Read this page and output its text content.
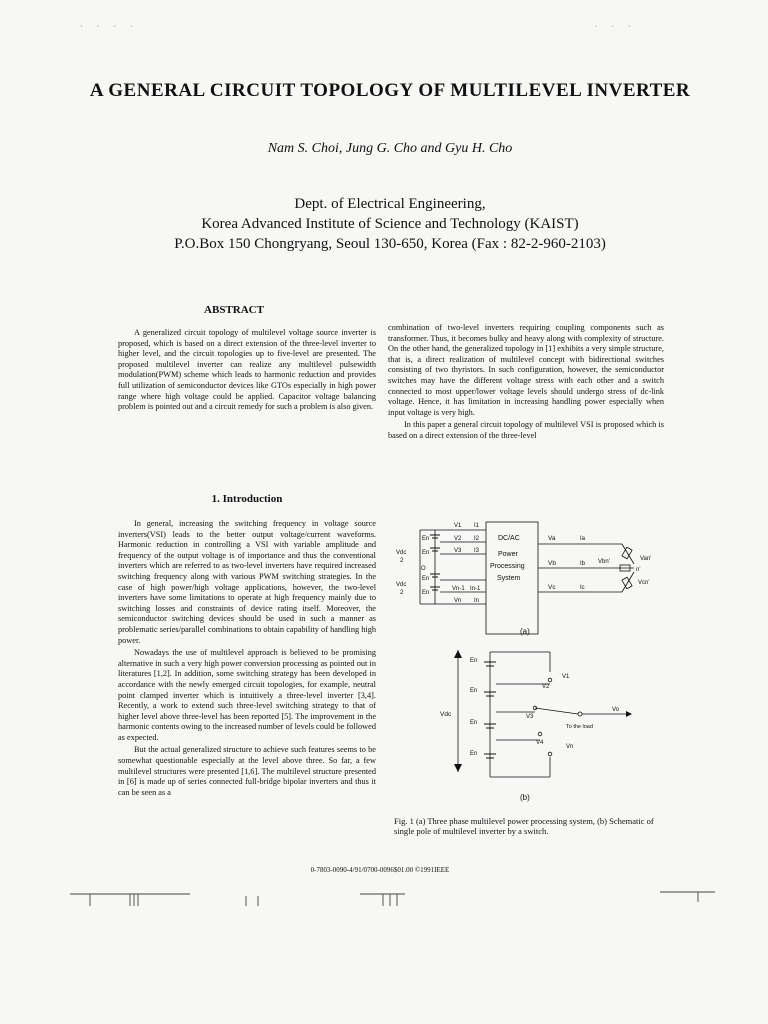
· · · ·                                                         · · ·
A GENERAL CIRCUIT TOPOLOGY OF MULTILEVEL INVERTER
Nam S. Choi, Jung G. Cho and Gyu H. Cho
Dept. of Electrical Engineering,
Korea Advanced Institute of Science and Technology (KAIST)
P.O.Box 150 Chongryang, Seoul 130-650, Korea (Fax : 82-2-960-2103)
ABSTRACT

A generalized circuit topology of multilevel voltage source inverter is proposed, which is based on a direct extension of the three-level inverter to higher level, and the circuit topologies up to five-level are presented. The proposed multilevel inverter can realize any multilevel pulsewidth modulation(PWM) scheme which leads to harmonic reduction and provides full utilization of semiconductor devices like GTOs especially in high power range where high voltage could be applied. Capacitor voltage balancing problem is pointed out and a circuit remedy for such a problem is also given.

1. Introduction

In general, increasing the switching frequency in voltage source inverters(VSI) leads to the better output voltage/current waveforms. Harmonic reduction in controlling a VSI with variable amplitude and frequency of the output voltage is of importance and thus the conventional inverters which are referred to as two-level inverters have required increased switching frequency along with various PWM switching strategies. In the case of high power/high voltage applications, however, the two-level inverters have some limitations to operate at high frequency mainly due to switching losses and constraints of device rating itself. Moreover, the semiconductor switching devices should be used in such a manner as problematic series/parallel combinations to obtain capability of handling high power.

Nowadays the use of multilevel approach is believed to be promising alternative in such a very high power conversion processing as pointed out in literatures [1,2]. In addition, some switching strategy has been developed in accordance with the newly emerged circuit topologies, for example, neutral point clamped inverter which is intuitively a three-level inverter [3,4]. Recently, a work to extend such three-level switching strategy to that of higher level above three-level has been reported [5]. The improvement in the harmonic contents owing to the increased number of levels could be followed as expected.

But the actual generalized structure to achieve such features seems to be somewhat questionable especially at the level above three. So far, a few multilevel structures were presented [1,6]. The multilevel structure presented in [6] is made up of series connected full-bridge bipolar inverters and thus it can be seen as a

combination of two-level inverters requiring coupling components such as transformer. Thus, it becomes bulky and heavy along with complexity of structure. On the other hand, the generalized topology in [1] exhibits a very simple structure, that is, a direct realization of multilevel concept with bidirectional switches consisting of two thyristors. In such configuration, however, the semiconductor switches may have the different voltage stress with each other and a switch connected to most upper/lower voltage levels should undergo stress of dc-link voltage. Hence, it has limitation in increasing handling power especially when input voltage is very high.

In this paper a general circuit topology of multilevel VSI is proposed which is based on a direct extension of the three-level

DC/AC
Power
Processing
System
En
En
En
En
Vdc
2
Vdc
2
O
V1
V2
V3
Vn-1
Vn
I1
I2
I3
In-1
In
Va
Vb
Vc
Ia
Ib
Ic
Van'
Vbn'
Vcn'
n'
(a)
Vdc
En
En
En
En
V1
V2
V3
V4
Vn
Vo
To the load
(b)
Fig. 1 (a) Three phase multilevel power processing system, (b) Schematic of single pole of multilevel inverter by a switch.
0-7803-0090-4/91/0700-0096$01.00 ©1991IEEE
